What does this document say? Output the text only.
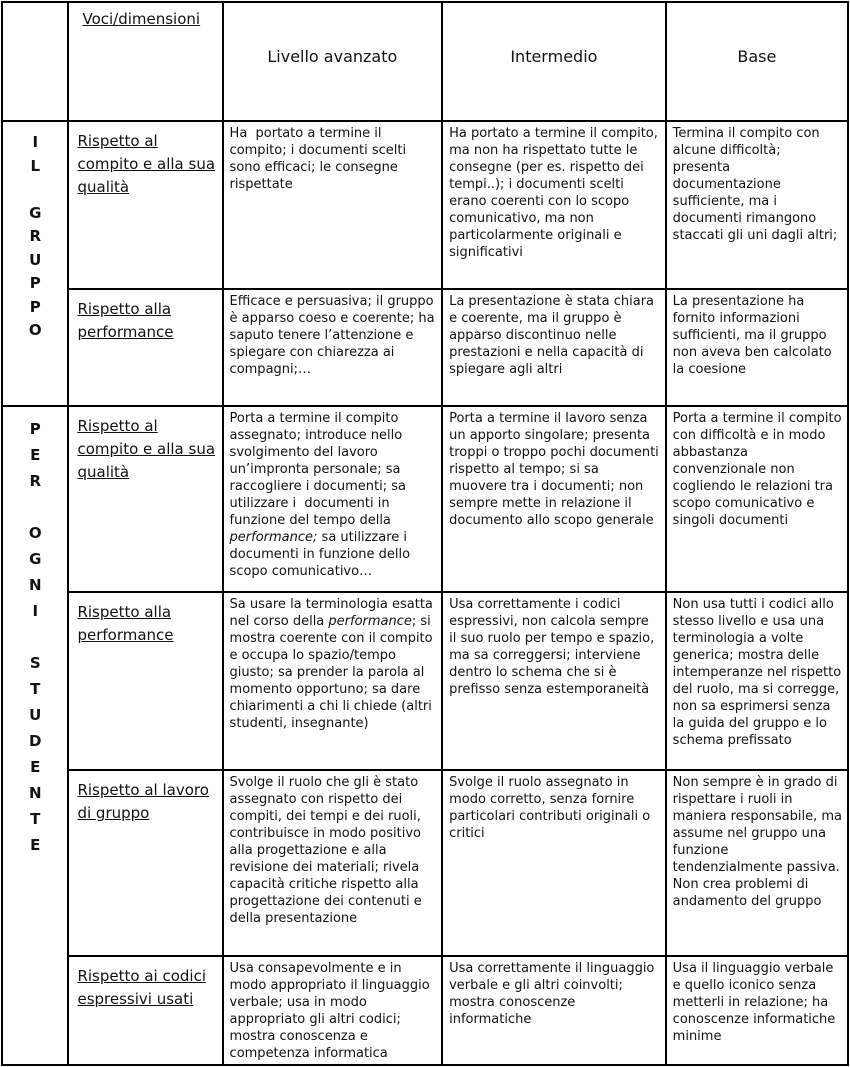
	Voci/dimensioni	Livello avanzato	Intermedio	Base

I
L

G
R
U
P
P
O
	Rispetto al compito e alla sua qualità	Ha  portato a termine il compito; i documenti scelti sono efficaci; le consegne rispettate	Ha portato a termine il compito, ma non ha rispettato tutte le consegne (per es. rispetto dei tempi..); i documenti scelti erano coerenti con lo scopo comunicativo, ma non particolarmente originali e significativi	Termina il compito con alcune difficoltà; presenta documentazione sufficiente, ma i documenti rimangono staccati gli uni dagli altri;
	Rispetto alla performance	Efficace e persuasiva; il gruppo è apparso coeso e coerente; ha saputo tenere l’attenzione e spiegare con chiarezza ai compagni;…	La presentazione è stata chiara e coerente, ma il gruppo è apparso discontinuo nelle prestazioni e nella capacità di spiegare agli altri	La presentazione ha fornito informazioni sufficienti, ma il gruppo non aveva ben calcolato la coesione

P
E
R

O
G
N
I

S
T
U
D
E
N
T
E
	Rispetto al compito e alla sua qualità	Porta a termine il compito assegnato; introduce nello svolgimento del lavoro un’impronta personale; sa raccogliere i documenti; sa utilizzare i  documenti in funzione del tempo della performance; sa utilizzare i documenti in funzione dello scopo comunicativo…	Porta a termine il lavoro senza un apporto singolare; presenta troppi o troppo pochi documenti rispetto al tempo; si sa muovere tra i documenti; non sempre mette in relazione il documento allo scopo generale	Porta a termine il compito con difficoltà e in modo abbastanza convenzionale non cogliendo le relazioni tra scopo comunicativo e singoli documenti
Rispetto alla performance	Sa usare la terminologia esatta nel corso della performance; si mostra coerente con il compito e occupa lo spazio/tempo giusto; sa prender la parola al momento opportuno; sa dare chiarimenti a chi li chiede (altri studenti, insegnante)	Usa correttamente i codici espressivi, non calcola sempre il suo ruolo per tempo e spazio, ma sa correggersi; interviene dentro lo schema che si è prefisso senza estemporaneità	Non usa tutti i codici allo stesso livello e usa una terminologia a volte generica; mostra delle intemperanze nel rispetto del ruolo, ma si corregge, non sa esprimersi senza la guida del gruppo e lo schema prefissato
	Rispetto al lavoro di gruppo	Svolge il ruolo che gli è stato assegnato con rispetto dei compiti, dei tempi e dei ruoli, contribuisce in modo positivo alla progettazione e alla revisione dei materiali; rivela capacità critiche rispetto alla progettazione dei contenuti e della presentazione	Svolge il ruolo assegnato in modo corretto, senza fornire particolari contributi originali o critici	Non sempre è in grado di rispettare i ruoli in maniera responsabile, ma assume nel gruppo una funzione tendenzialmente passiva. Non crea problemi di andamento del gruppo
	Rispetto ai codici espressivi usati	Usa consapevolmente e in modo appropriato il linguaggio verbale; usa in modo appropriato gli altri codici; mostra conoscenza e competenza informatica	Usa correttamente il linguaggio verbale e gli altri coinvolti; mostra conoscenze informatiche	Usa il linguaggio verbale e quello iconico senza metterli in relazione; ha conoscenze informatiche minime
